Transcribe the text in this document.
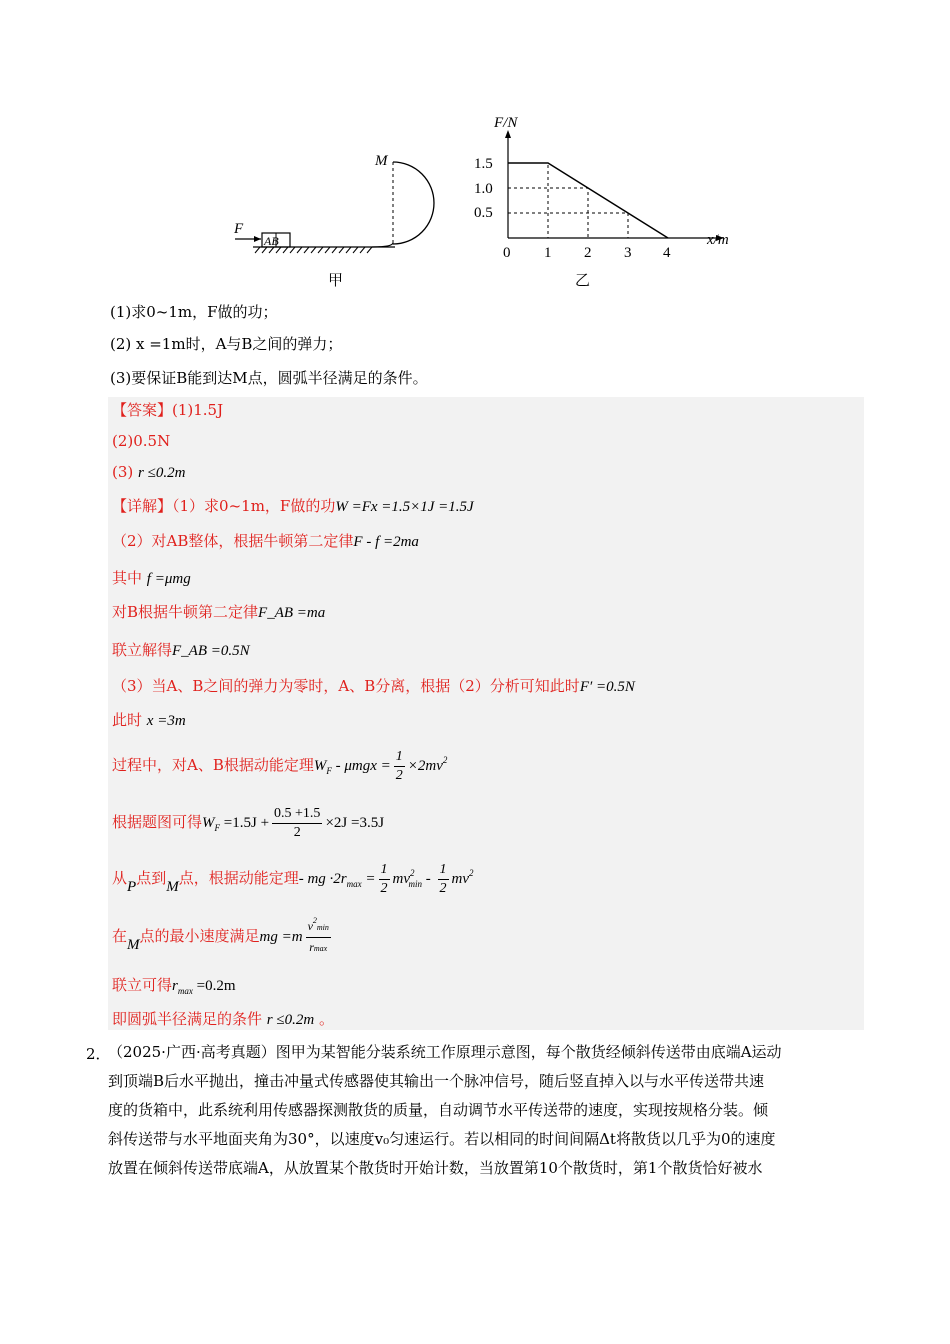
M
F
AB
甲
F/N
x/m
1.5
1.0
0.5
0 1 2 3 4
乙
(1)求0~1m，F做的功；
(2) x =1m时，A与B之间的弹力；
(3)要保证B能到达M点，圆弧半径满足的条件。
【答案】(1)1.5J
(2)0.5N
(3) r ≤0.2m
【详解】（1）求0~1m，F做的功W =Fx =1.5×1J =1.5J
（2）对AB整体，根据牛顿第二定律F - f =2ma
其中 f =μmg
对B根据牛顿第二定律F_AB =ma
联立解得F_AB =0.5N
（3）当A、B之间的弹力为零时，A、B分离，根据（2）分析可知此时F′ =0.5N
此时 x =3m
过程中，对A、B根据动能定理$W_F - \mu mgx = \frac{1}{2} \times 2mv^2$
根据题图可得$W_F =1.5J + \frac{0.5 +1.5}{2} \times 2J =3.5J$
从P点到M点，根据动能定理- mg $\cdot 2r_{max} = \frac{1}{2} mv^2_{min} - \frac{1}{2} mv^2$
在M点的最小速度满足mg $=m \frac{v^2\min}{rmax}$
联立可得$r_{max} =0.2m$
即圆弧半径满足的条件 r ≤0.2m 。
2．
（2025·广西·高考真题）图甲为某智能分装系统工作原理示意图，每个散货经倾斜传送带由底端A运动
到顶端B后水平抛出，撞击冲量式传感器使其输出一个脉冲信号，随后竖直掉入以与水平传送带共速
度的货箱中，此系统利用传感器探测散货的质量，自动调节水平传送带的速度，实现按规格分装。倾
斜传送带与水平地面夹角为30°，以速度v₀匀速运行。若以相同的时间间隔Δt将散货以几乎为0的速度
放置在倾斜传送带底端A，从放置某个散货时开始计数，当放置第10个散货时，第1个散货恰好被水
